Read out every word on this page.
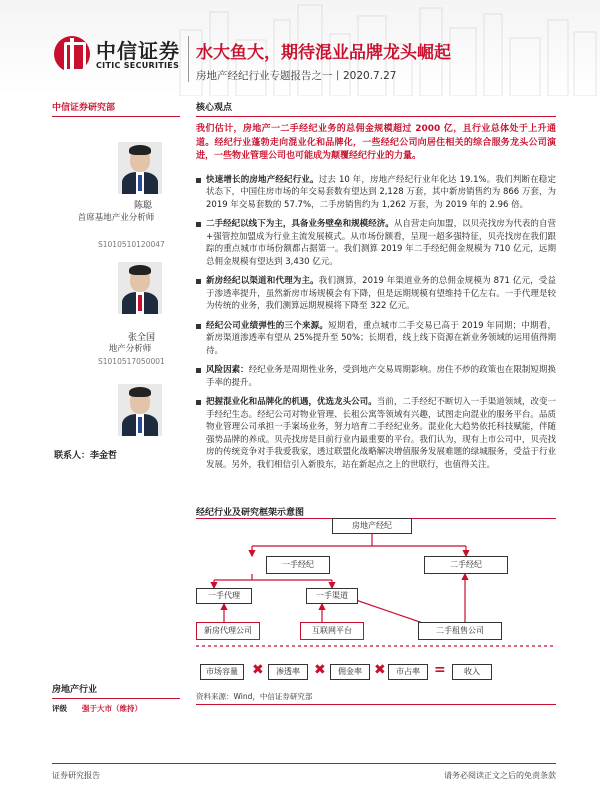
中信证券
CITIC SECURITIES
水大鱼大，期待混业品牌龙头崛起
房地产经纪行业专题报告之一丨2020.7.27
中信证券研究部
陈聪
首席基地产业分析师
S1010510120047
张全国
地产分析师
S1010517050001
联系人：李金哲
房地产行业
评级 强于大市（维持）
核心观点
我们估计，房地产一二手经纪业务的总佣金规模超过 2000 亿，且行业总体处于上升通道。经纪行业蓬勃走向混业化和品牌化，一些经纪公司向居住相关的综合服务龙头公司演进，一些物业管理公司也可能成为颠覆经纪行业的力量。
快速增长的房地产经纪行业。过去 10 年，房地产经纪行业年化达 19.1%。我们判断在稳定状态下，中国住房市场的年交易套数有望达到 2,128 万套，其中新房销售约为 866 万套，为 2019 年交易套数的 57.7%，二手房销售约为 1,262 万套，为 2019 年的 2.96 倍。
二手经纪以线下为主，具备业务壁垒和规模经济。从自营走向加盟，以贝壳找房为代表的自营+强管控加盟成为行业主流发展模式。从市场份额看，呈现一超多强特征，贝壳找房在我们跟踪的重点城市市场份额都占据第一。我们测算 2019 年二手经纪佣金规模为 710 亿元，远期总佣金规模有望达到 3,430 亿元。
新房经纪以渠道和代理为主。我们测算，2019 年渠道业务的总佣金规模为 871 亿元，受益于渗透率提升，虽然新房市场规模会有下降，但是远期规模有望维持千亿左右。一手代理是较为传统的业务，我们测算远期规模将下降至 322 亿元。
经纪公司业绩弹性的三个来源。短期看，重点城市二手交易已高于 2019 年同期；中期看，新房渠道渗透率有望从 25%提升至 50%；长期看，线上线下资源在新业务领域的运用值得期待。
风险因素：经纪业务是周期性业务，受到地产交易周期影响。房住不炒的政策也在限制短期换手率的提升。
把握混业化和品牌化的机遇，优选龙头公司。当前，二手经纪不断切入一手渠道领域，改变一手经纪生态。经纪公司对物业管理、长租公寓等领域有兴趣，试图走向混业的服务平台。品质物业管理公司承担一手案场业务，努力培育二手经纪业务。混业化大趋势依托科技赋能，伴随强势品牌的养成。贝壳找房是目前行业内最重要的平台。我们认为，现有上市公司中，贝壳找房的传统竞争对手我爱我家，透过联盟化战略解决增值服务发展难题的绿城服务，受益于行业发展。另外，我们相信引入新股东，站在新起点之上的世联行，也值得关注。
经纪行业及研究框架示意图
房地产经纪
一手经纪	二手经纪
一手代理	一手渠道
新房代理公司	互联网平台	二手租售公司
市场容量	✖	渗透率	✖	佣金率 ✖	市占率	=	收入
资料来源：Wind，中信证券研究部
证券研究报告	请务必阅读正文之后的免责条款
